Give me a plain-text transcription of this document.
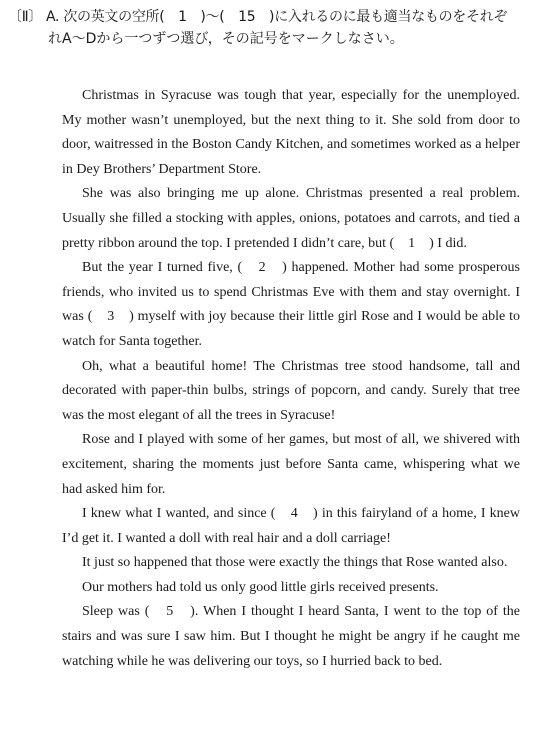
〔Ⅱ〕 A. 次の英文の空所(　1　)〜(　15　)に入れるのに最も適当なものをそれぞ
れA〜Dから一つずつ選び，その記号をマークしなさい。

Christmas in Syracuse was tough that year, especially for the unemployed. My mother wasn’t unemployed, but the next thing to it. She sold from door to door, waitressed in the Boston Candy Kitchen, and sometimes worked as a helper in Dey Brothers’ Department Store.

She was also bringing me up alone. Christmas presented a real problem. Usually she filled a stocking with apples, onions, potatoes and carrots, and tied a pretty ribbon around the top. I pretended I didn’t care, but (　1　) I did.

But the year I turned five, (　2　) happened. Mother had some prosperous friends, who invited us to spend Christmas Eve with them and stay overnight. I was (　3　) myself with joy because their little girl Rose and I would be able to watch for Santa together.

Oh, what a beautiful home! The Christmas tree stood handsome, tall and decorated with paper-thin bulbs, strings of popcorn, and candy. Surely that tree was the most elegant of all the trees in Syracuse!

Rose and I played with some of her games, but most of all, we shivered with excitement, sharing the moments just before Santa came, whispering what we had asked him for.

I knew what I wanted, and since (　4　) in this fairyland of a home, I knew I’d get it. I wanted a doll with real hair and a doll carriage!

It just so happened that those were exactly the things that Rose wanted also.

Our mothers had told us only good little girls received presents.

Sleep was (　5　). When I thought I heard Santa, I went to the top of the stairs and was sure I saw him. But I thought he might be angry if he caught me watching while he was delivering our toys, so I hurried back to bed.
